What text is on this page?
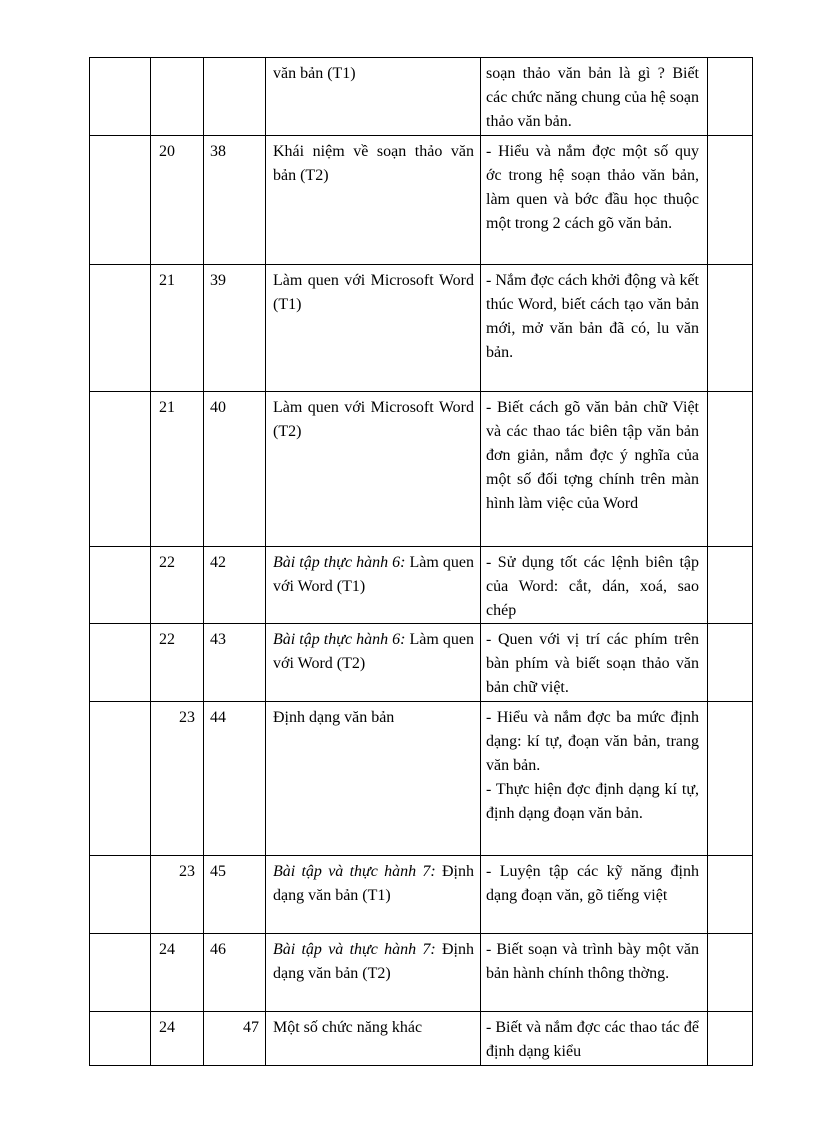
			văn bản (T1)	soạn thảo văn bản là gì ? Biết các chức năng chung của hệ soạn thảo văn bản.	

	20	38	Khái niệm về soạn thảo văn bản (T2)	- Hiểu và nắm đợc một số quy ớc trong hệ soạn thảo văn bản, làm quen và bớc đầu học thuộc một trong 2 cách gõ văn bản.	

	21	39	Làm quen với Microsoft Word (T1)	- Nắm đợc cách khởi động và kết thúc Word, biết cách tạo văn bản mới, mở văn bản đã có, lu văn bản.	

	21	40	Làm quen với Microsoft Word (T2)	- Biết cách gõ văn bản chữ Việt và các thao tác biên tập văn bản đơn giản, nắm đợc ý nghĩa của một số đối tợng chính trên màn hình làm việc của Word	

	22	42	Bài tập thực hành 6: Làm quen với Word (T1)	- Sử dụng tốt các lệnh biên tập của Word: cắt, dán, xoá, sao chép	

	22	43	Bài tập thực hành 6: Làm quen với Word (T2)	- Quen với vị trí các phím trên bàn phím và biết soạn thảo văn bản chữ việt.	

	23	44	Định dạng văn bản	- Hiểu và nắm đợc ba mức định dạng: kí tự, đoạn văn bản, trang văn bản.
- Thực hiện đợc định dạng kí tự, định dạng đoạn văn bản.	

	23	45	Bài tập và thực hành 7: Định dạng văn bản (T1)	- Luyện tập các kỹ năng định dạng đoạn văn, gõ tiếng việt	

	24	46	Bài tập và thực hành 7: Định dạng văn bản (T2)	- Biết soạn và trình bày một văn bản hành chính thông thờng.	

	24	47	Một số chức năng khác	- Biết và nắm đợc các thao tác để định dạng kiểu	
